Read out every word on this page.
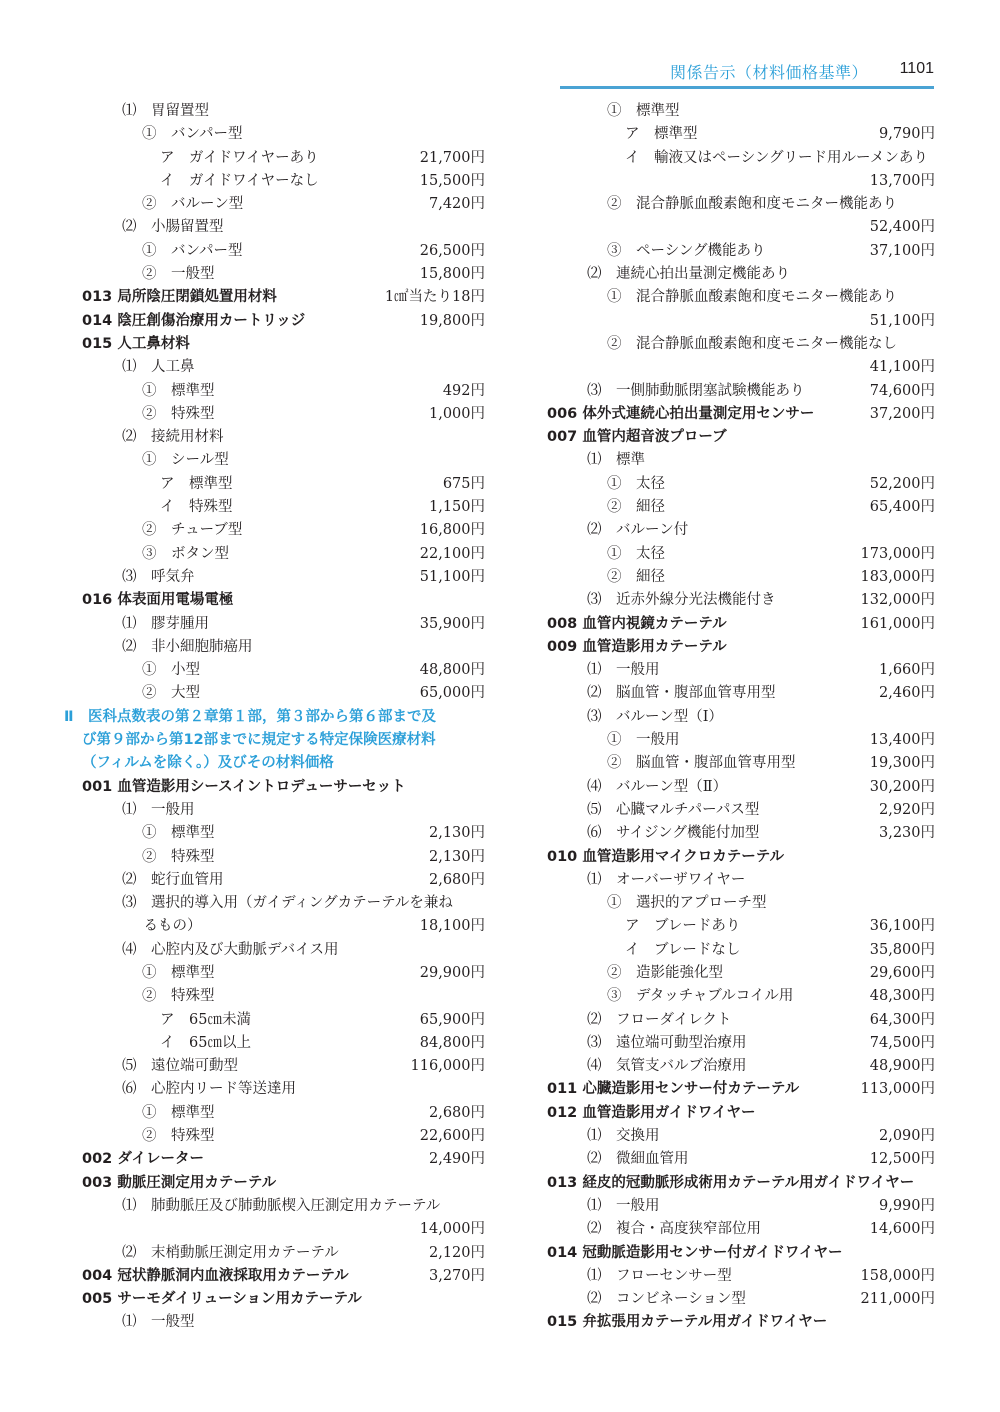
関係告示（材料価格基準） 1101
⑴　胃留置型
①　バンパー型
ア　ガイドワイヤーあり	21,700円
イ　ガイドワイヤーなし	15,500円
②　バルーン型	7,420円
⑵　小腸留置型
①　バンパー型	26,500円
②　一般型	15,800円
013 局所陰圧閉鎖処置用材料	1㎠当たり18円
014 陰圧創傷治療用カートリッジ	19,800円
015 人工鼻材料
⑴　人工鼻
①　標準型	492円
②　特殊型	1,000円
⑵　接続用材料
①　シール型
ア　標準型	675円
イ　特殊型	1,150円
②　チューブ型	16,800円
③　ボタン型	22,100円
⑶　呼気弁	51,100円
016 体表面用電場電極
⑴　膠芽腫用	35,900円
⑵　非小細胞肺癌用
①　小型	48,800円
②　大型	65,000円
Ⅱ　医科点数表の第２章第１部，第３部から第６部まで及
び第９部から第12部までに規定する特定保険医療材料
（フィルムを除く。）及びその材料価格
001 血管造影用シースイントロデューサーセット
⑴　一般用
①　標準型	2,130円
②　特殊型	2,130円
⑵　蛇行血管用	2,680円
⑶　選択的導入用（ガイディングカテーテルを兼ね
　　　るもの）	18,100円
⑷　心腔内及び大動脈デバイス用
①　標準型	29,900円
②　特殊型
ア　65㎝未満	65,900円
イ　65㎝以上	84,800円
⑸　遠位端可動型	116,000円
⑹　心腔内リード等送達用
①　標準型	2,680円
②　特殊型	22,600円
002 ダイレーター	2,490円
003 動脈圧測定用カテーテル
⑴　肺動脈圧及び肺動脈楔入圧測定用カテーテル
14,000円
⑵　末梢動脈圧測定用カテーテル	2,120円
004 冠状静脈洞内血液採取用カテーテル	3,270円
005 サーモダイリューション用カテーテル
⑴　一般型
①　標準型
ア　標準型	9,790円
イ　輸液又はペーシングリード用ルーメンあり
13,700円
②　混合静脈血酸素飽和度モニター機能あり
52,400円
③　ペーシング機能あり	37,100円
⑵　連続心拍出量測定機能あり
①　混合静脈血酸素飽和度モニター機能あり
51,100円
②　混合静脈血酸素飽和度モニター機能なし
41,100円
⑶　一側肺動脈閉塞試験機能あり	74,600円
006 体外式連続心拍出量測定用センサー	37,200円
007 血管内超音波プローブ
⑴　標準
①　太径	52,200円
②　細径	65,400円
⑵　バルーン付
①　太径	173,000円
②　細径	183,000円
⑶　近赤外線分光法機能付き	132,000円
008 血管内視鏡カテーテル	161,000円
009 血管造影用カテーテル
⑴　一般用	1,660円
⑵　脳血管・腹部血管専用型	2,460円
⑶　バルーン型（Ⅰ）
①　一般用	13,400円
②　脳血管・腹部血管専用型	19,300円
⑷　バルーン型（Ⅱ）	30,200円
⑸　心臓マルチパーパス型	2,920円
⑹　サイジング機能付加型	3,230円
010 血管造影用マイクロカテーテル
⑴　オーバーザワイヤー
①　選択的アプローチ型
ア　ブレードあり	36,100円
イ　ブレードなし	35,800円
②　造影能強化型	29,600円
③　デタッチャブルコイル用	48,300円
⑵　フローダイレクト	64,300円
⑶　遠位端可動型治療用	74,500円
⑷　気管支バルブ治療用	48,900円
011 心臓造影用センサー付カテーテル	113,000円
012 血管造影用ガイドワイヤー
⑴　交換用	2,090円
⑵　微細血管用	12,500円
013 経皮的冠動脈形成術用カテーテル用ガイドワイヤー
⑴　一般用	9,990円
⑵　複合・高度狭窄部位用	14,600円
014 冠動脈造影用センサー付ガイドワイヤー
⑴　フローセンサー型	158,000円
⑵　コンビネーション型	211,000円
015 弁拡張用カテーテル用ガイドワイヤー
